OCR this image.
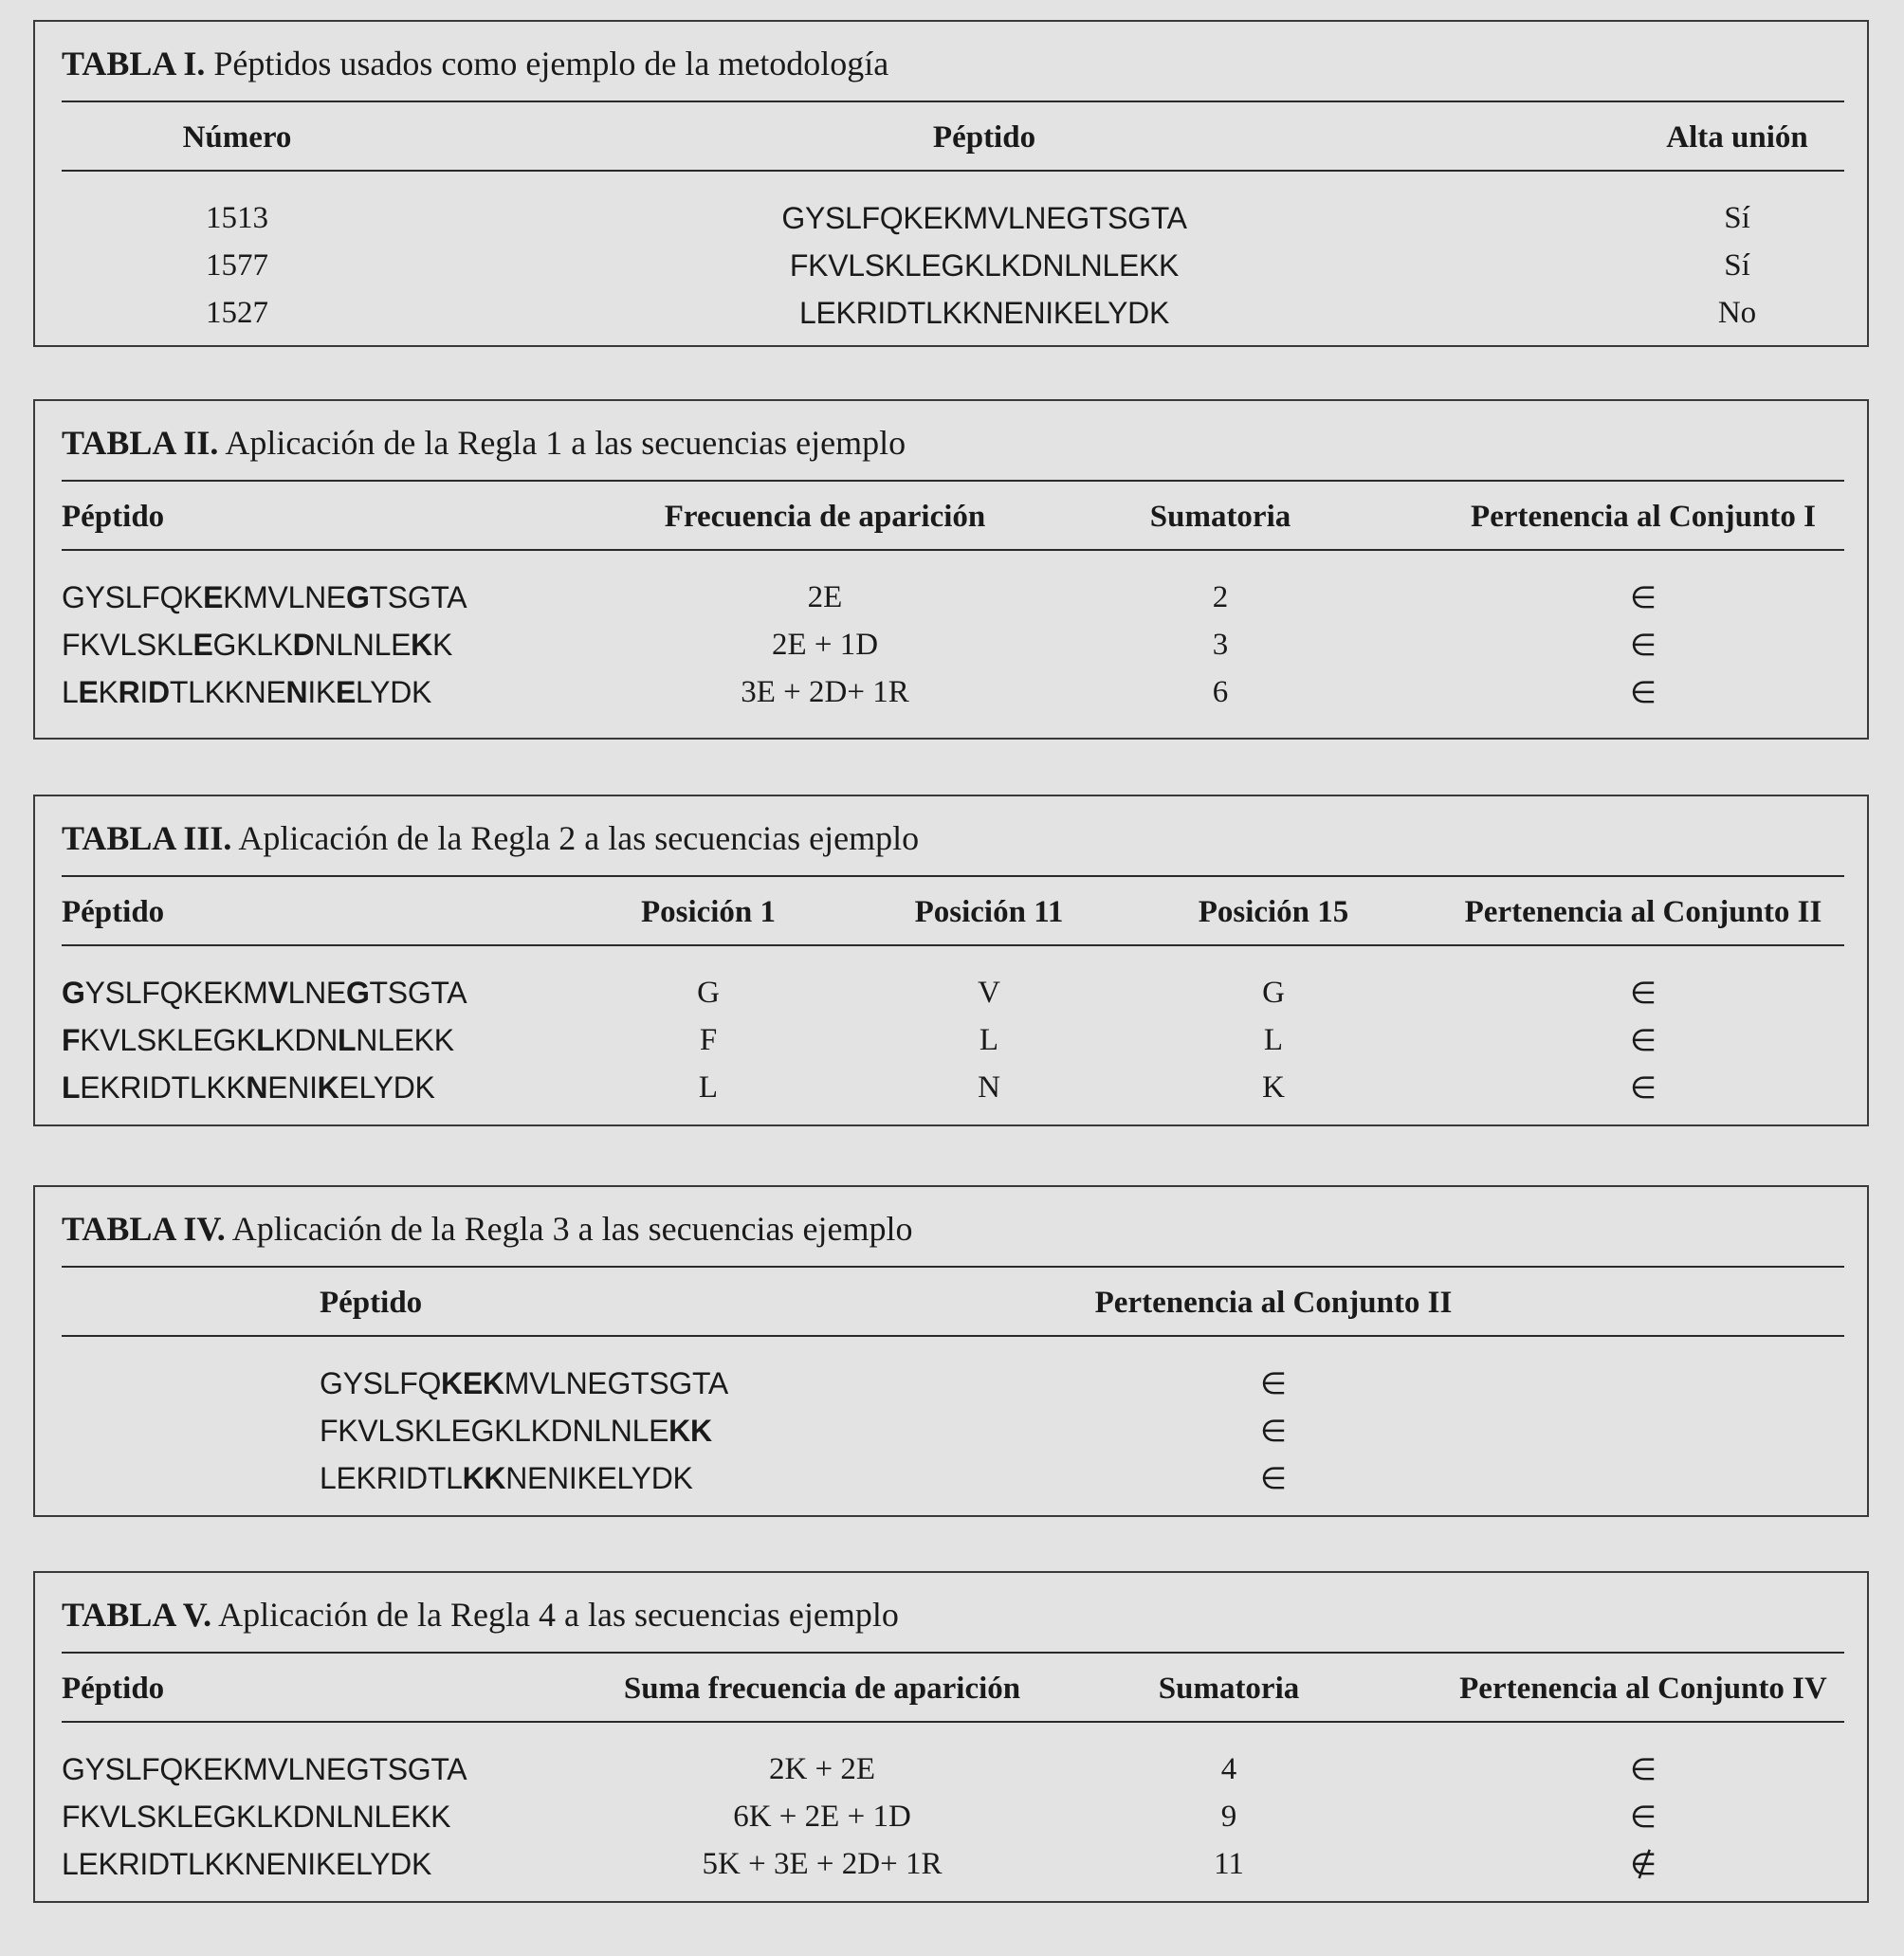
TABLA I. Péptidos usados como ejemplo de la metodología
Número	Péptido	Alta unión
1513	GYSLFQKEKMVLNEGTSGTA	Sí
1577	FKVLSKLEGKLKDNLNLEKK	Sí
1527	LEKRIDTLKKNENIKELYDK	No
TABLA II. Aplicación de la Regla 1 a las secuencias ejemplo
Péptido	Frecuencia de aparición	Sumatoria	Pertenencia al Conjunto I
GYSLFQKEKMVLNEGTSGTA	2E	2	∈
FKVLSKLEGKLKDNLNLEKK	2E + 1D	3	∈
LEKRIDTLKKNENIKELYDK	3E + 2D+ 1R	6	∈
TABLA III. Aplicación de la Regla 2 a las secuencias ejemplo
Péptido	Posición 1	Posición 11	Posición 15	Pertenencia al Conjunto II
GYSLFQKEKMVLNEGTSGTA	G	V	G	∈
FKVLSKLEGKLKDNLNLEKK	F	L	L	∈
LEKRIDTLKKNENIKELYDK	L	N	K	∈
TABLA IV. Aplicación de la Regla 3 a las secuencias ejemplo
Péptido	Pertenencia al Conjunto II
GYSLFQKEKMVLNEGTSGTA	∈
FKVLSKLEGKLKDNLNLEKK	∈
LEKRIDTLKKNENIKELYDK	∈
TABLA V. Aplicación de la Regla 4 a las secuencias ejemplo
Péptido	Suma frecuencia de aparición	Sumatoria	Pertenencia al Conjunto IV
GYSLFQKEKMVLNEGTSGTA	2K + 2E	4	∈
FKVLSKLEGKLKDNLNLEKK	6K + 2E + 1D	9	∈
LEKRIDTLKKNENIKELYDK	5K + 3E + 2D+ 1R	11	∉
